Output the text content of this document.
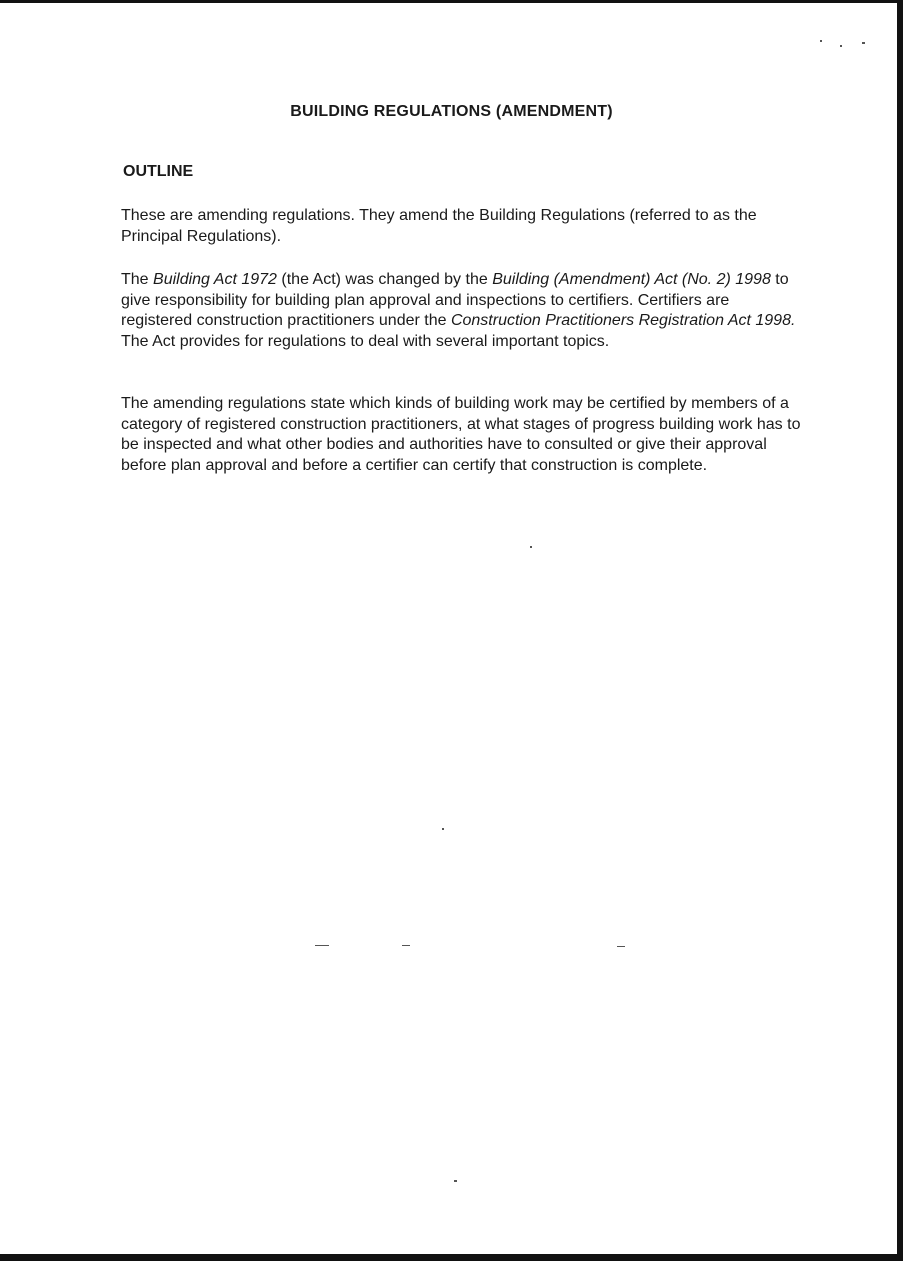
BUILDING REGULATIONS (AMENDMENT)
OUTLINE

These are amending regulations. They amend the Building Regulations (referred to as the Principal Regulations).

The Building Act 1972 (the Act) was changed by the Building (Amendment) Act (No. 2) 1998 to give responsibility for building plan approval and inspections to certifiers. Certifiers are registered construction practitioners under the Construction Practitioners Registration Act 1998. The Act provides for regulations to deal with several important topics.

The amending regulations state which kinds of building work may be certified by members of a category of registered construction practitioners, at what stages of progress building work has to be inspected and what other bodies and authorities have to consulted or give their approval before plan approval and before a certifier can certify that construction is complete.
